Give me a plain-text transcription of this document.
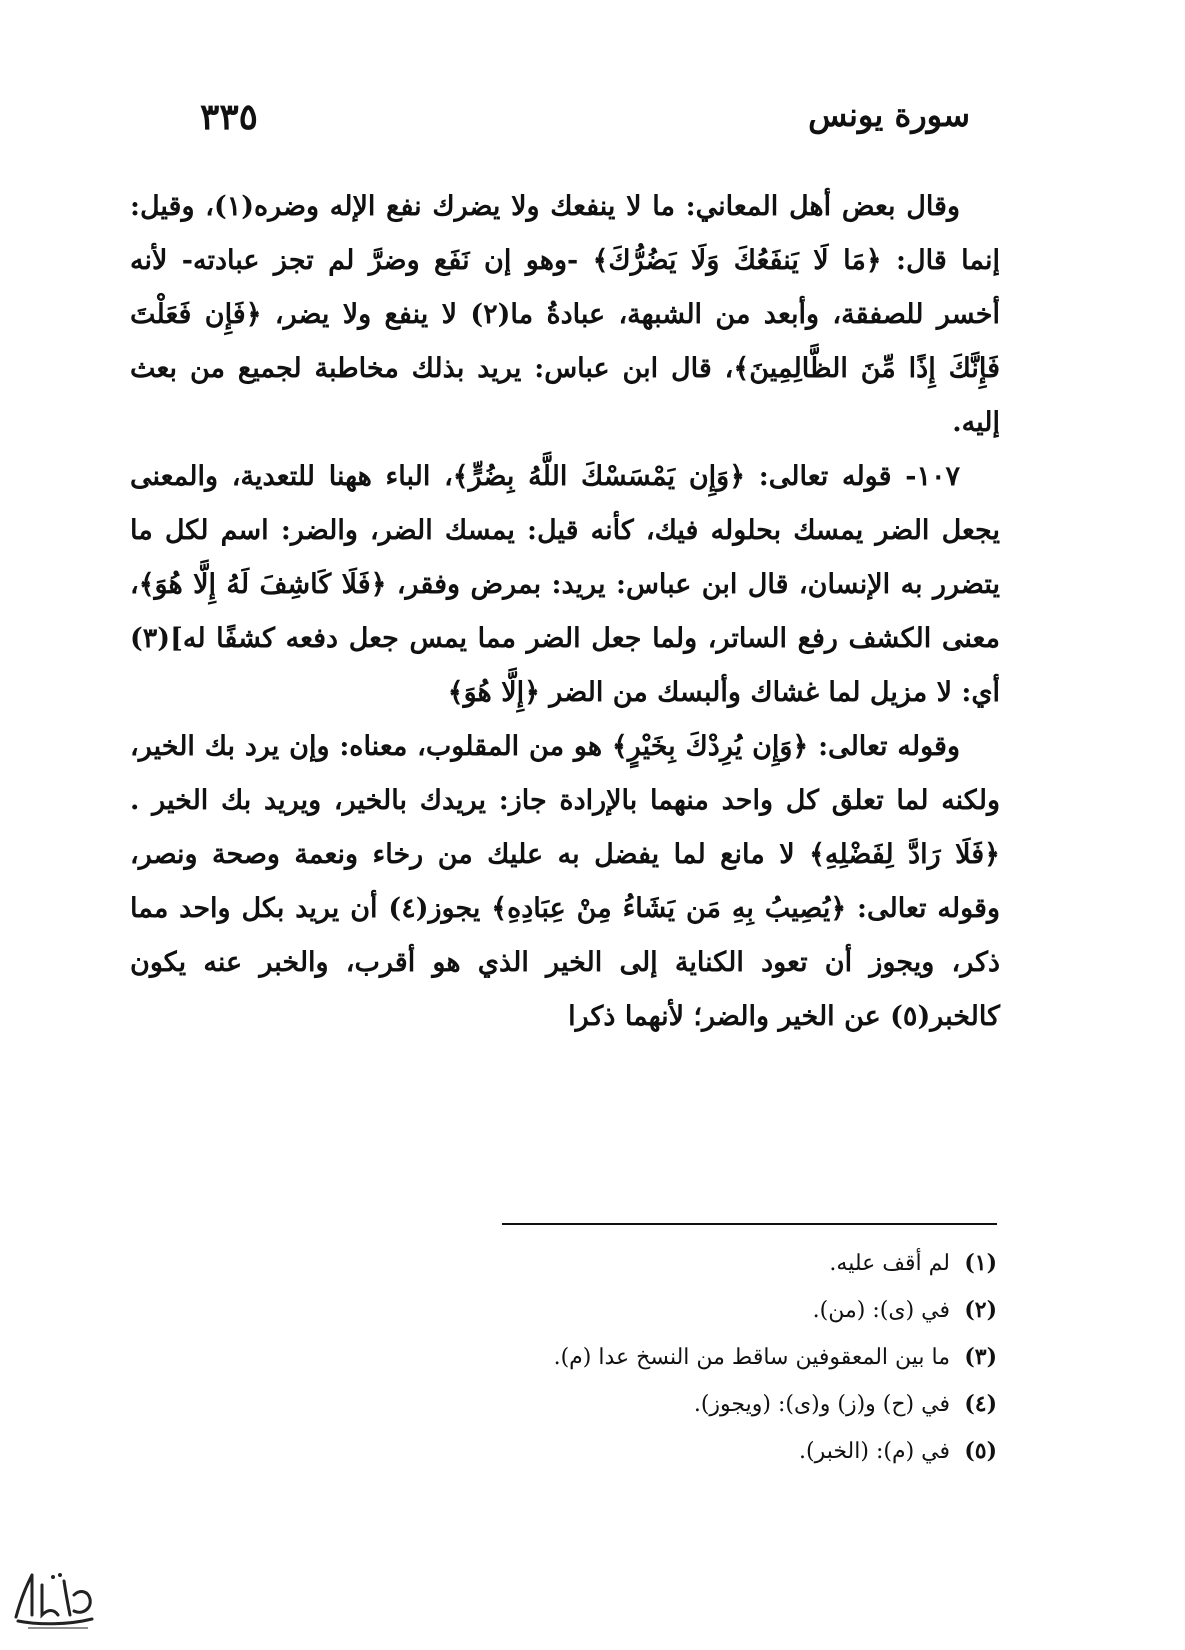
سورة يونس
٣٣٥

وقال بعض أهل المعاني: ما لا ينفعك ولا يضرك نفع الإله وضره(١)، وقيل: إنما قال: ﴿مَا لَا يَنفَعُكَ وَلَا يَضُرُّكَ﴾ -وهو إن نَفَع وضرَّ لم تجز عبادته- لأنه أخسر للصفقة، وأبعد من الشبهة، عبادةُ ما(٢) لا ينفع ولا يضر، ﴿فَإِن فَعَلْتَ فَإِنَّكَ إِذًا مِّنَ الظَّالِمِينَ﴾، قال ابن عباس: يريد بذلك مخاطبة لجميع من بعث إليه.

١٠٧- قوله تعالى: ﴿وَإِن يَمْسَسْكَ اللَّهُ بِضُرٍّ﴾، الباء ههنا للتعدية، والمعنى يجعل الضر يمسك بحلوله فيك، كأنه قيل: يمسك الضر، والضر: اسم لكل ما يتضرر به الإنسان، قال ابن عباس: يريد: بمرض وفقر، ﴿فَلَا كَاشِفَ لَهُ إِلَّا هُوَ﴾، معنى الكشف رفع الساتر، ولما جعل الضر مما يمس جعل دفعه كشفًا له](٣) أي: لا مزيل لما غشاك وألبسك من الضر ﴿إِلَّا هُوَ﴾

وقوله تعالى: ﴿وَإِن يُرِدْكَ بِخَيْرٍ﴾ هو من المقلوب، معناه: وإن يرد بك الخير، ولكنه لما تعلق كل واحد منهما بالإرادة جاز: يريدك بالخير، ويريد بك الخير .﴿فَلَا رَادَّ لِفَضْلِهِ﴾ لا مانع لما يفضل به عليك من رخاء ونعمة وصحة ونصر، وقوله تعالى: ﴿يُصِيبُ بِهِ مَن يَشَاءُ مِنْ عِبَادِهِ﴾ يجوز(٤) أن يريد بكل واحد مما ذكر، ويجوز أن تعود الكناية إلى الخير الذي هو أقرب، والخبر عنه يكون كالخبر(٥) عن الخير والضر؛ لأنهما ذكرا

(١) لم أقف عليه.
(٢) في (ى): (من).
(٣) ما بين المعقوفين ساقط من النسخ عدا (م).
(٤) في (ح) و(ز) و(ى): (ويجوز).
(٥) في (م): (الخبر).
